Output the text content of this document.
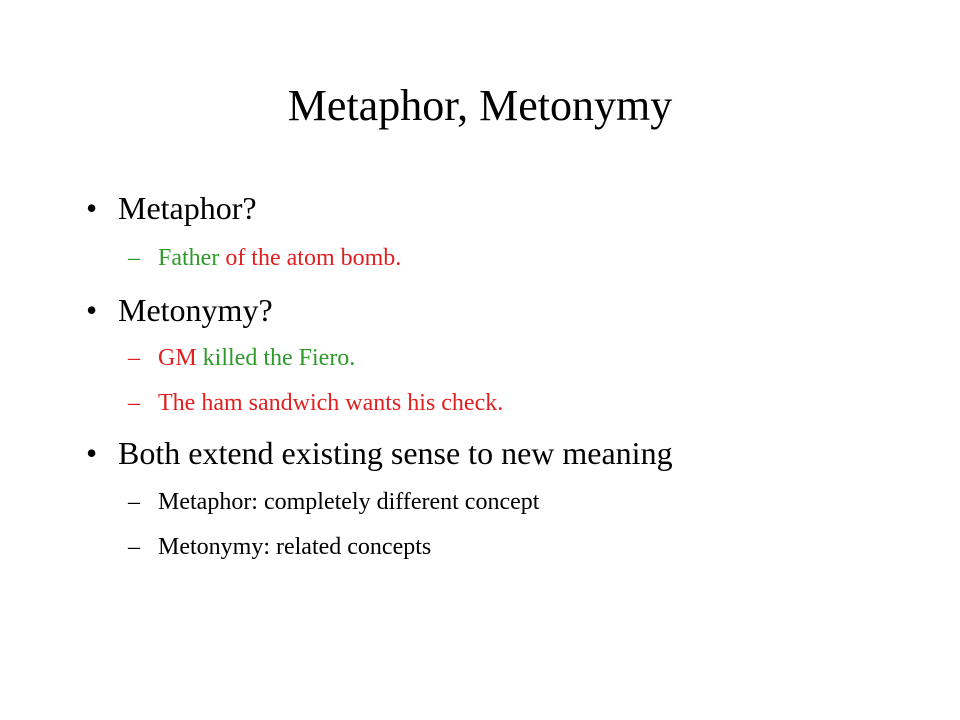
Metaphor, Metonymy
• Metaphor?
– Father of the atom bomb.
• Metonymy?
– GM killed the Fiero.
– The ham sandwich wants his check.
• Both extend existing sense to new meaning
– Metaphor: completely different concept
– Metonymy: related concepts
